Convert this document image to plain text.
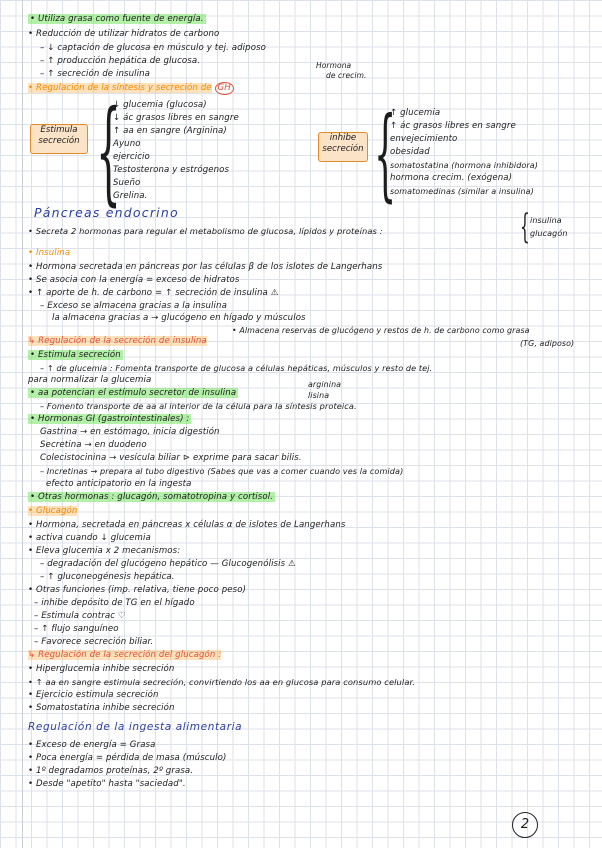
• Utiliza grasa como fuente de energía.
• Reducción de utilizar hidratos de carbono
– ↓ captación de glucosa en músculo y tej. adiposo
– ↑ producción hepática de glucosa.
– ↑ secreción de insulina
• Regulación de la síntesis y secreción de GH
Hormona
de crecim.
Estimula
secreción {
↓ glucemia (glucosa)
↓ ác grasos libres en sangre
↑ aa en sangre (Arginina)
Ayuno
ejercicio
Testosterona y estrógenos
Sueño
Grelina.
inhibe
secreción {
↑ glucemia
↑ ác grasos libres en sangre
envejecimiento
obesidad
somatostatina (hormona inhibidora)
hormona crecim. (exógena)
somatomedinas (similar a insulina)
Páncreas endocrino
• Secreta 2 hormonas para regular el metabolismo de glucosa, lípidos y proteínas :	{ insulina
glucagón
• Insulina
• Hormona secretada en páncreas por las células β de los islotes de Langerhans
• Se asocia con la energía = exceso de hidratos
• ↑ aporte de h. de carbono = ↑ secreción de insulina ⚠
– Exceso se almacena gracias a la insulina
la almacena gracias a → glucógeno en hígado y músculos
• Almacena reservas de glucógeno y restos de h. de carbono como grasa
(TG, adiposo)
↳ Regulación de la secreción de insulina
• Estimula secreción
– ↑ de glucemia : Fomenta transporte de glucosa a células hepáticas, músculos y resto de tej.
para normalizar la glucemia
• aa potencian el estímulo secretor de insulina
arginina
lisina
– Fomento transporte de aa al interior de la célula para la síntesis proteica.
• Hormonas GI (gastrointestinales) :
Gastrina → en estómago, inicia digestión
Secretina → en duodeno
Colecistocinina → vesícula biliar ⊳ exprime para sacar bilis.
– Incretinas → prepara al tubo digestivo (Sabes que vas a comer cuando ves la comida)
efecto anticipatorio en la ingesta
• Otras hormonas : glucagón, somatotropina y cortisol.
• Glucagón
• Hormona, secretada en páncreas x células α de islotes de Langerhans
• activa cuando ↓ glucemia
• Eleva glucemia x 2 mecanismos:
– degradación del glucógeno hepático — Glucogenólisis ⚠
– ↑ gluconeogénesis hepática.
• Otras funciones (imp. relativa, tiene poco peso)
– inhibe depósito de TG en el hígado
– Estimula contrac ♡
– ↑ flujo sanguíneo
– Favorece secreción biliar.
↳ Regulación de la secreción del glucagón :
• Hiperglucemia inhibe secreción
• ↑ aa en sangre estimula secreción, convirtiendo los aa en glucosa para consumo celular.
• Ejercicio estimula secreción
• Somatostatina inhibe secreción
Regulación de la ingesta alimentaria
• Exceso de energía = Grasa
• Poca energía = pérdida de masa (músculo)
• 1º degradamos proteínas, 2º grasa.
• Desde "apetito" hasta "saciedad".
2
